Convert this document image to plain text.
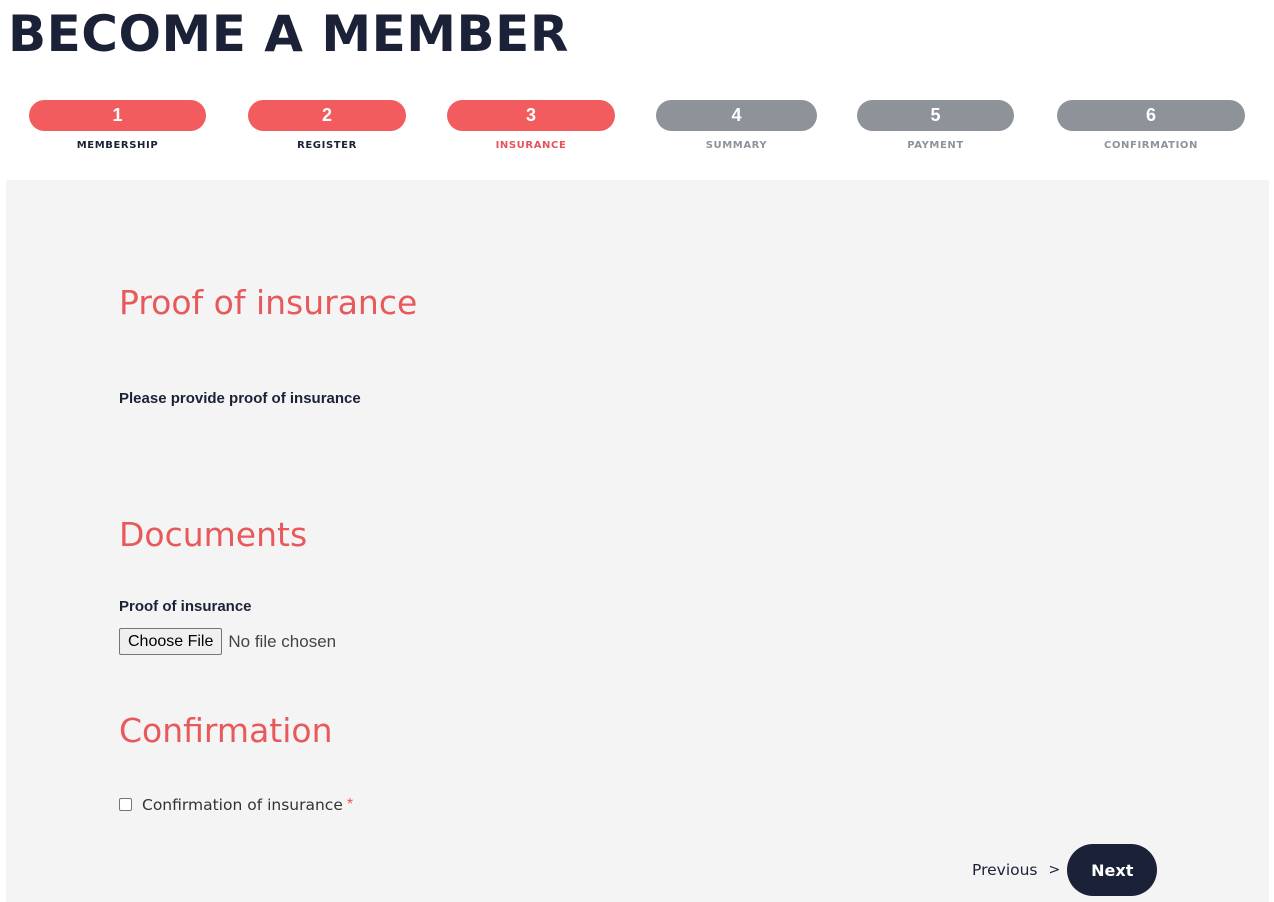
BECOME A MEMBER
1
MEMBERSHIP
2
REGISTER
3
INSURANCE
4
SUMMARY
5
PAYMENT
6
CONFIRMATION
Proof of insurance
Please provide proof of insurance
Documents
Proof of insurance
Choose File No file chosen
Confirmation
Confirmation of insurance *
Previous >	Next
